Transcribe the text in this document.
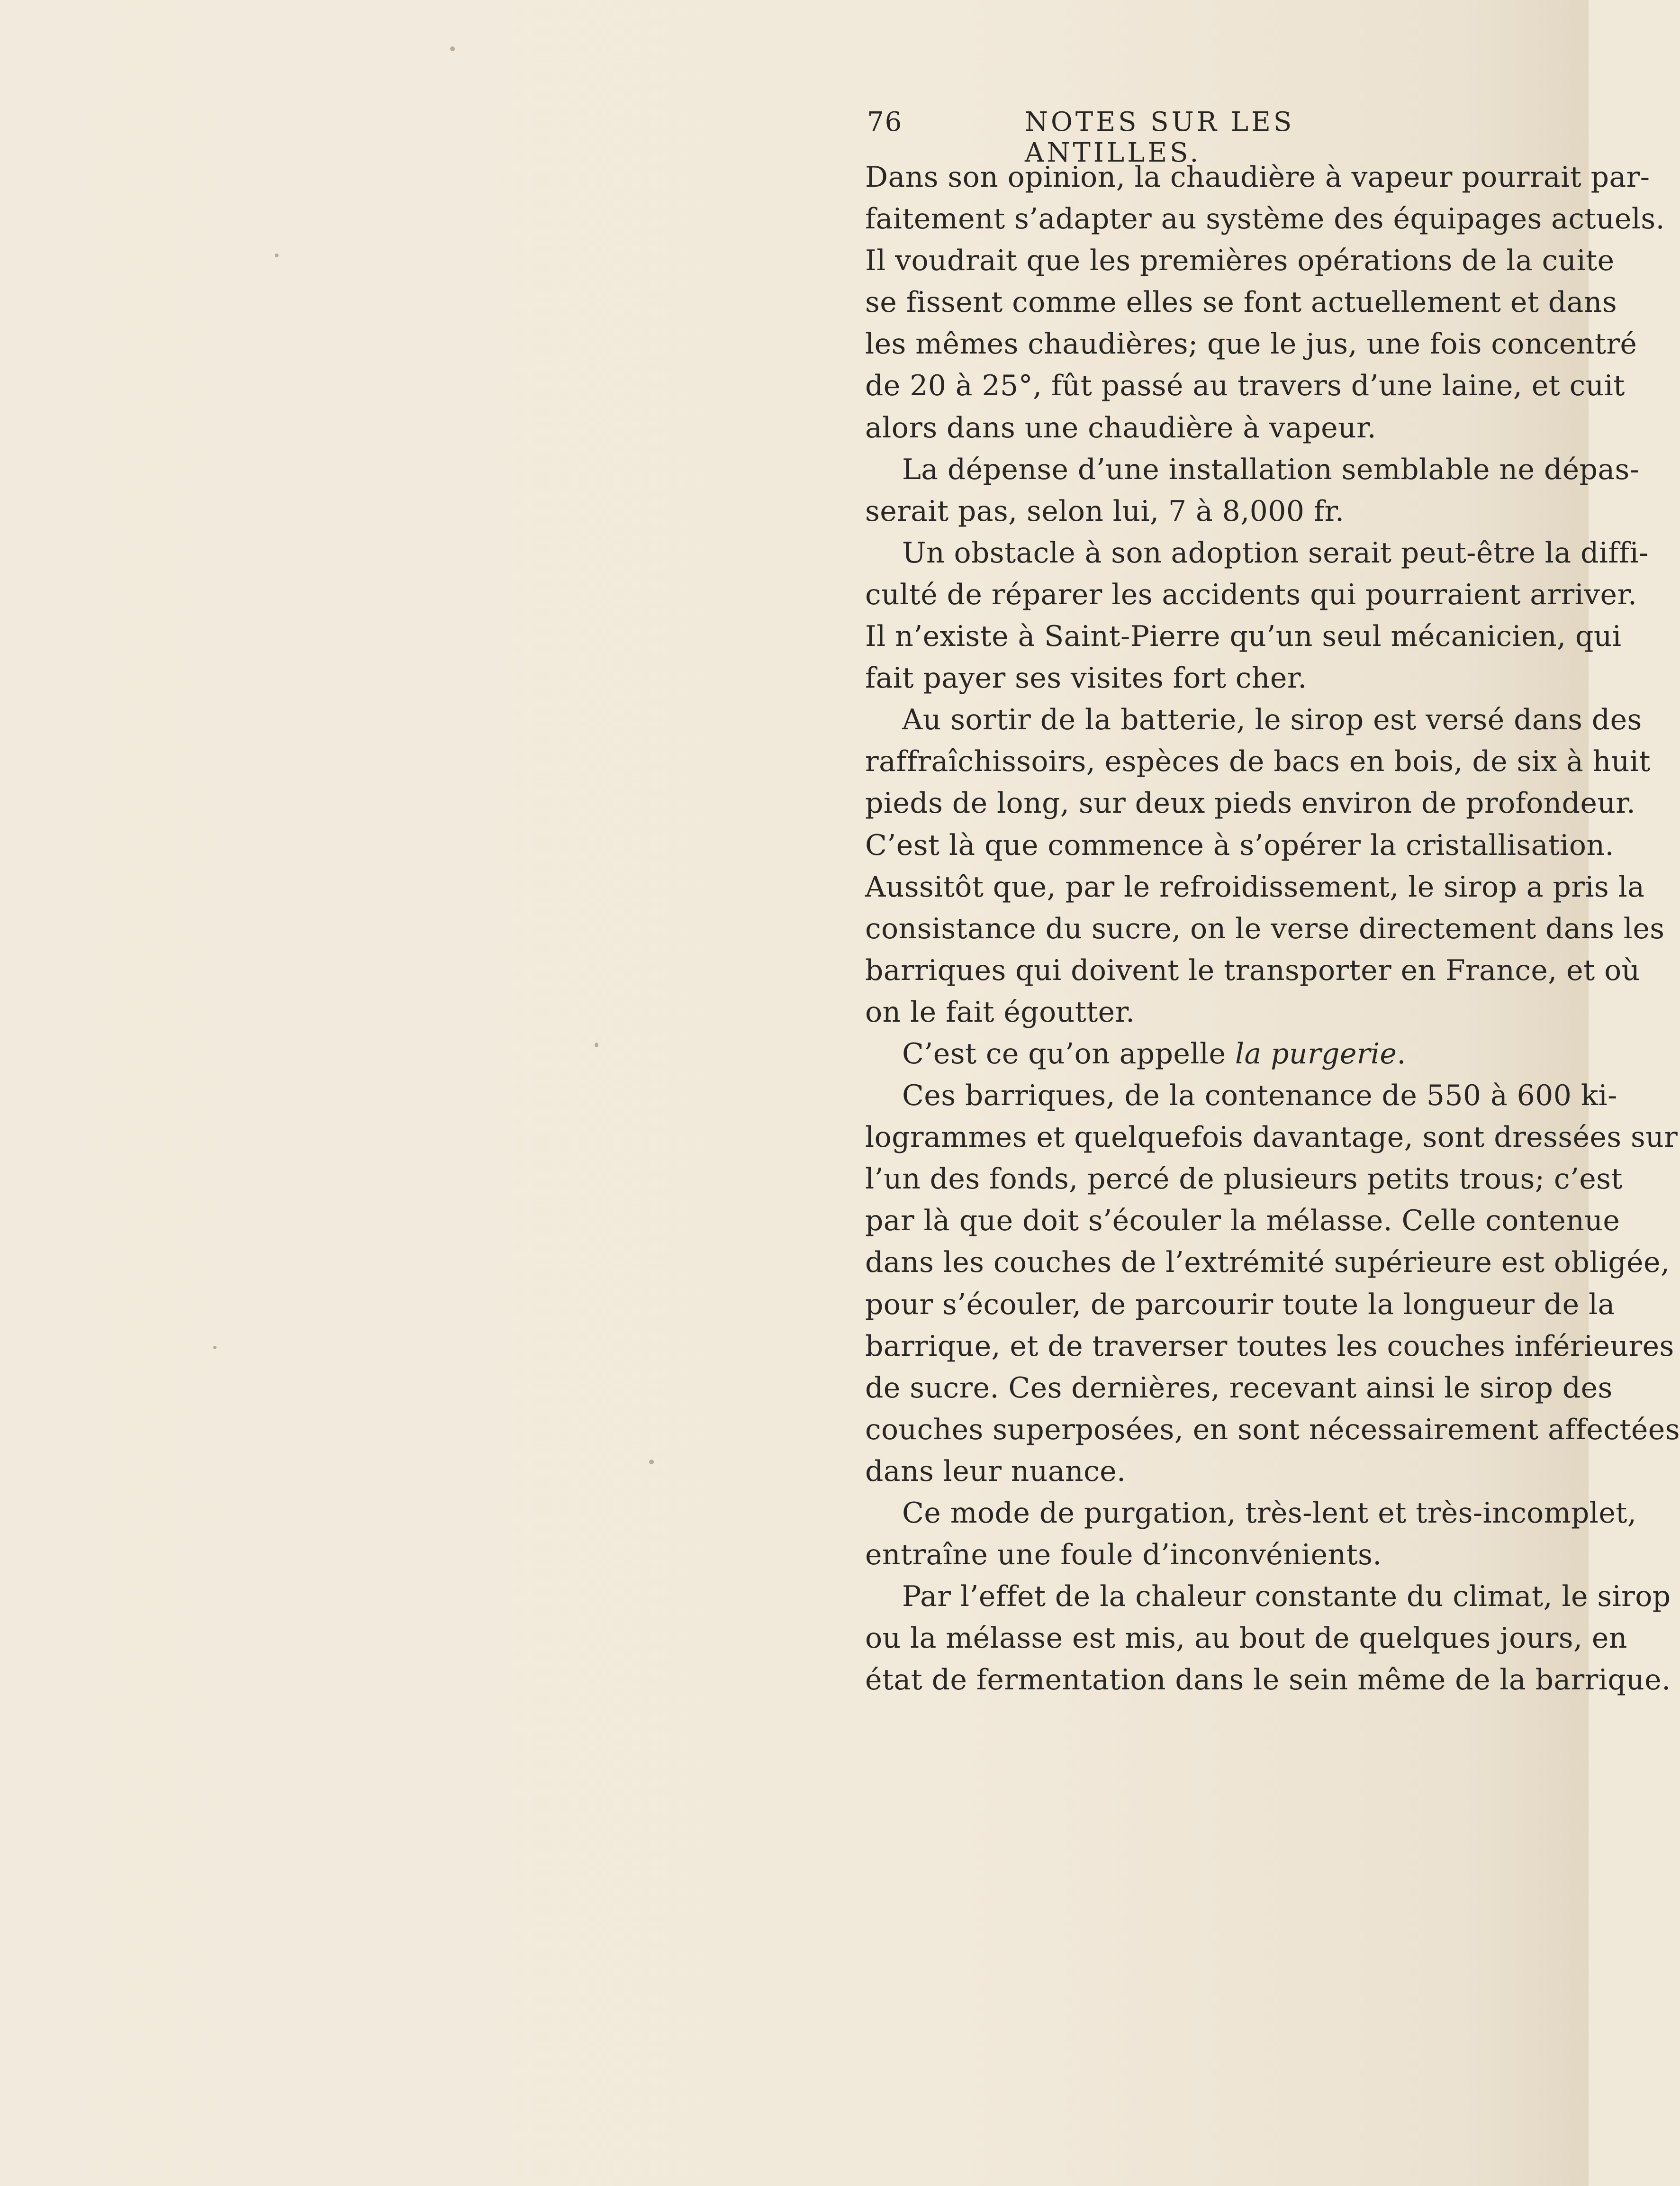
76	NOTES SUR LES ANTILLES.
Dans son opinion, la chaudière à vapeur pourrait par-
faitement s’adapter au système des équipages actuels.
Il voudrait que les premières opérations de la cuite
se fissent comme elles se font actuellement et dans
les mêmes chaudières; que le jus, une fois concentré
de 20 à 25°, fût passé au travers d’une laine, et cuit
alors dans une chaudière à vapeur.
La dépense d’une installation semblable ne dépas-
serait pas, selon lui, 7 à 8,000 fr.
Un obstacle à son adoption serait peut-être la diffi-
culté de réparer les accidents qui pourraient arriver.
Il n’existe à Saint-Pierre qu’un seul mécanicien, qui
fait payer ses visites fort cher.
Au sortir de la batterie, le sirop est versé dans des
raffraîchissoirs, espèces de bacs en bois, de six à huit
pieds de long, sur deux pieds environ de profondeur.
C’est là que commence à s’opérer la cristallisation.
Aussitôt que, par le refroidissement, le sirop a pris la
consistance du sucre, on le verse directement dans les
barriques qui doivent le transporter en France, et où
on le fait égoutter.
C’est ce qu’on appelle la purgerie.
Ces barriques, de la contenance de 550 à 600 ki-
logrammes et quelquefois davantage, sont dressées sur
l’un des fonds, percé de plusieurs petits trous; c’est
par là que doit s’écouler la mélasse. Celle contenue
dans les couches de l’extrémité supérieure est obligée,
pour s’écouler, de parcourir toute la longueur de la
barrique, et de traverser toutes les couches inférieures
de sucre. Ces dernières, recevant ainsi le sirop des
couches superposées, en sont nécessairement affectées
dans leur nuance.
Ce mode de purgation, très-lent et très-incomplet,
entraîne une foule d’inconvénients.
Par l’effet de la chaleur constante du climat, le sirop
ou la mélasse est mis, au bout de quelques jours, en
état de fermentation dans le sein même de la barrique.
